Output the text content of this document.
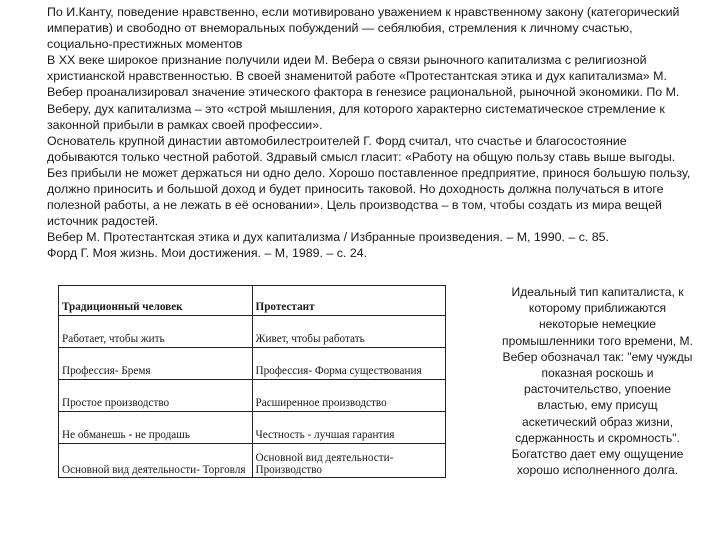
По И.Канту, поведение нравственно, если мотивировано уважением к нравственному закону (категорический императив) и свободно от внеморальных побуждений — себялюбия, стремления к личному счастью, социально-престижных моментов

В XX веке широкое признание получили идеи М. Вебера о связи рыночного капитализма с религиозной христианской нравственностью. В своей знаменитой работе «Протестантская этика и дух капитализма» М. Вебер проанализировал значение этического фактора в генезисе рациональной, рыночной экономики. По М. Веберу, дух капитализма – это «строй мышления, для которого характерно систематическое стремление к законной прибыли в рамках своей профессии».

Основатель крупной династии автомобилестроителей Г. Форд считал, что счастье и благосостояние добываются только честной работой. Здравый смысл гласит: «Работу на общую пользу ставь выше выгоды. Без прибыли не может держаться ни одно дело. Хорошо поставленное предприятие, принося большую пользу, должно приносить и большой доход и будет приносить таковой. Но доходность должна получаться в итоге полезной работы, а не лежать в её основании». Цель производства – в том, чтобы создать из мира вещей источник радостей.

Вебер М. Протестантская этика и дух капитализма / Избранные произведения. – М, 1990. – с. 85.

Форд Г. Моя жизнь. Мои достижения. – М, 1989. – с. 24.

Традиционный человек	Протестант
Работает, чтобы жить	Живет, чтобы работать
Профессия- Бремя	Профессия- Форма существования
Простое производство	Расширенное производство
Не обманешь - не продашь	Честность - лучшая гарантия
Основной вид деятельности- Торговля	Основной вид деятельности- Производство
Идеальный тип капиталиста, к которому приближаются некоторые немецкие промышленники того времени, М. Вебер обозначал так: "ему чужды показная роскошь и расточительство, упоение властью, ему присущ аскетический образ жизни, сдержанность и скромность". Богатство дает ему ощущение хорошо исполненного долга.
